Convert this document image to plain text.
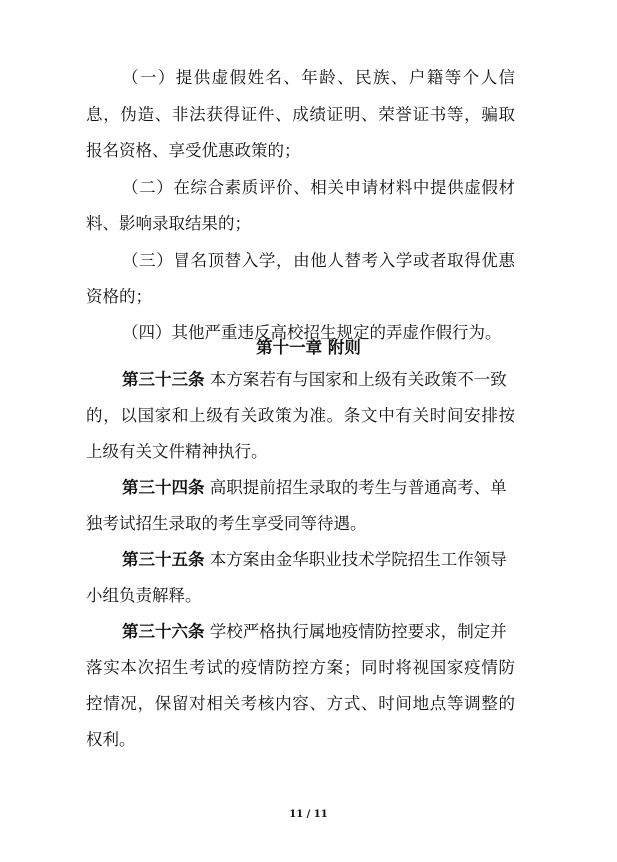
（一）提供虚假姓名、年龄、民族、户籍等个人信
息，伪造、非法获得证件、成绩证明、荣誉证书等，骗取
报名资格、享受优惠政策的；
（二）在综合素质评价、相关申请材料中提供虚假材
料、影响录取结果的；
（三）冒名顶替入学，由他人替考入学或者取得优惠
资格的；
（四）其他严重违反高校招生规定的弄虚作假行为。
第十一章 附则
第三十三条 本方案若有与国家和上级有关政策不一致
的，以国家和上级有关政策为准。条文中有关时间安排按
上级有关文件精神执行。
第三十四条 高职提前招生录取的考生与普通高考、单
独考试招生录取的考生享受同等待遇。
第三十五条 本方案由金华职业技术学院招生工作领导
小组负责解释。
第三十六条 学校严格执行属地疫情防控要求，制定并
落实本次招生考试的疫情防控方案；同时将视国家疫情防
控情况，保留对相关考核内容、方式、时间地点等调整的
权利。
11 / 11
